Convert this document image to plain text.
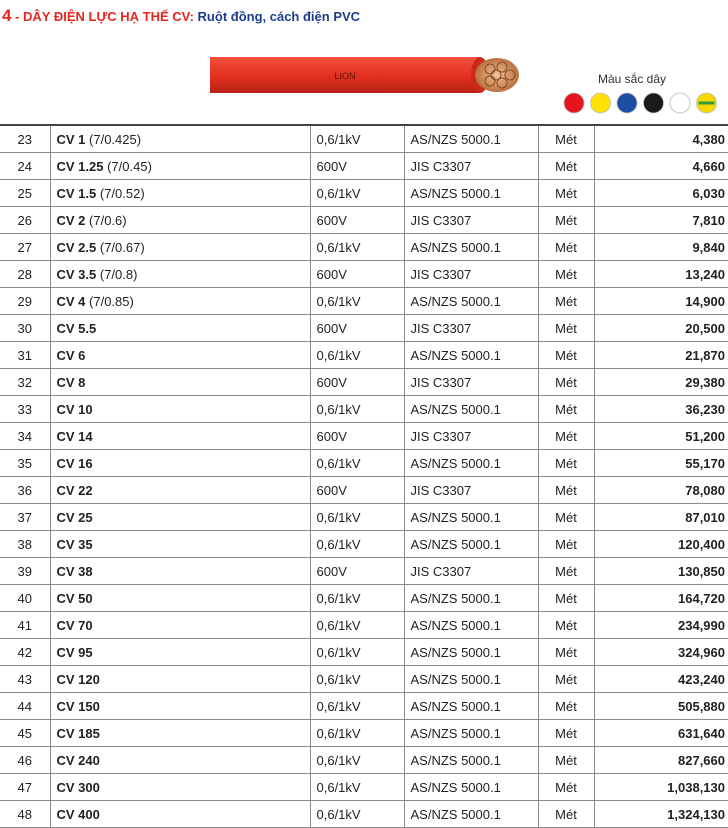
4 - DÂY ĐIỆN LỰC HẠ THẾ CV: Ruột đồng, cách điện PVC
LION	Màu sắc dây
23	CV 1 (7/0.425)	0,6/1kV	AS/NZS 5000.1	Mét	4,380
24	CV 1.25 (7/0.45)	600V	JIS C3307	Mét	4,660
25	CV 1.5 (7/0.52)	0,6/1kV	AS/NZS 5000.1	Mét	6,030
26	CV 2 (7/0.6)	600V	JIS C3307	Mét	7,810
27	CV 2.5 (7/0.67)	0,6/1kV	AS/NZS 5000.1	Mét	9,840
28	CV 3.5 (7/0.8)	600V	JIS C3307	Mét	13,240
29	CV 4 (7/0.85)	0,6/1kV	AS/NZS 5000.1	Mét	14,900
30	CV 5.5	600V	JIS C3307	Mét	20,500
31	CV 6	0,6/1kV	AS/NZS 5000.1	Mét	21,870
32	CV 8	600V	JIS C3307	Mét	29,380
33	CV 10	0,6/1kV	AS/NZS 5000.1	Mét	36,230
34	CV 14	600V	JIS C3307	Mét	51,200
35	CV 16	0,6/1kV	AS/NZS 5000.1	Mét	55,170
36	CV 22	600V	JIS C3307	Mét	78,080
37	CV 25	0,6/1kV	AS/NZS 5000.1	Mét	87,010
38	CV 35	0,6/1kV	AS/NZS 5000.1	Mét	120,400
39	CV 38	600V	JIS C3307	Mét	130,850
40	CV 50	0,6/1kV	AS/NZS 5000.1	Mét	164,720
41	CV 70	0,6/1kV	AS/NZS 5000.1	Mét	234,990
42	CV 95	0,6/1kV	AS/NZS 5000.1	Mét	324,960
43	CV 120	0,6/1kV	AS/NZS 5000.1	Mét	423,240
44	CV 150	0,6/1kV	AS/NZS 5000.1	Mét	505,880
45	CV 185	0,6/1kV	AS/NZS 5000.1	Mét	631,640
46	CV 240	0,6/1kV	AS/NZS 5000.1	Mét	827,660
47	CV 300	0,6/1kV	AS/NZS 5000.1	Mét	1,038,130
48	CV 400	0,6/1kV	AS/NZS 5000.1	Mét	1,324,130
